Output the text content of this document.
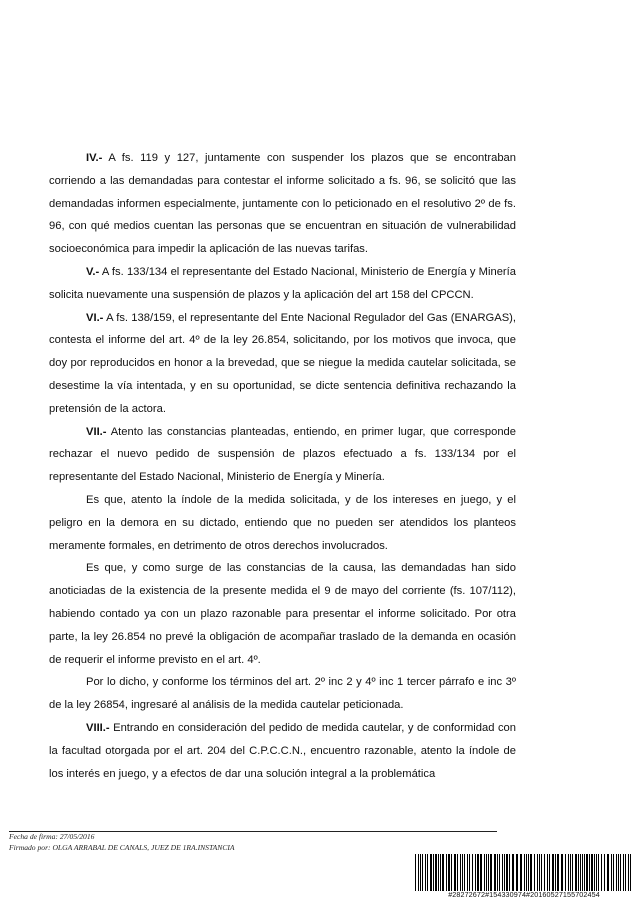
IV.- A fs. 119 y 127, juntamente con suspender los plazos que se encontraban corriendo a las demandadas para contestar el informe solicitado a fs. 96, se solicitó que las demandadas informen especialmente, juntamente con lo peticionado en el resolutivo 2º de fs. 96, con qué medios cuentan las personas que se encuentran en situación de vulnerabilidad socioeconómica para impedir la aplicación de las nuevas tarifas.

V.- A fs. 133/134 el representante del Estado Nacional, Ministerio de Energía y Minería solicita nuevamente una suspensión de plazos y la aplicación del art 158 del CPCCN.

VI.- A fs. 138/159, el representante del Ente Nacional Regulador del Gas (ENARGAS), contesta el informe del art. 4º de la ley 26.854, solicitando, por los motivos que invoca, que doy por reproducidos en honor a la brevedad, que se niegue la medida cautelar solicitada, se desestime la vía intentada, y en su oportunidad, se dicte sentencia definitiva rechazando la pretensión de la actora.

VII.- Atento las constancias planteadas, entiendo, en primer lugar, que corresponde rechazar el nuevo pedido de suspensión de plazos efectuado a fs. 133/134 por el representante del Estado Nacional, Ministerio de Energía y Minería.

Es que, atento la índole de la medida solicitada, y de los intereses en juego, y el peligro en la demora en su dictado, entiendo que no pueden ser atendidos los planteos meramente formales, en detrimento de otros derechos involucrados.

Es que, y como surge de las constancias de la causa, las demandadas han sido anoticiadas de la existencia de la presente medida el 9 de mayo del corriente (fs. 107/112), habiendo contado ya con un plazo razonable para presentar el informe solicitado. Por otra parte, la ley 26.854 no prevé la obligación de acompañar traslado de la demanda en ocasión de requerir el informe previsto en el art. 4º.

Por lo dicho, y conforme los términos del art. 2º inc 2 y 4º inc 1 tercer párrafo e inc 3º de la ley 26854, ingresaré al análisis de la medida cautelar peticionada.

VIII.- Entrando en consideración del pedido de medida cautelar, y de conformidad con la facultad otorgada por el art. 204 del C.P.C.C.N., encuentro razonable, atento la índole de los interés en juego, y a efectos de dar una solución integral a la problemática

Fecha de firma: 27/05/2016
Firmado por: OLGA ARRABAL DE CANALS, JUEZ DE 1RA.INSTANCIA
#28272672#154330974#20160527155702454
